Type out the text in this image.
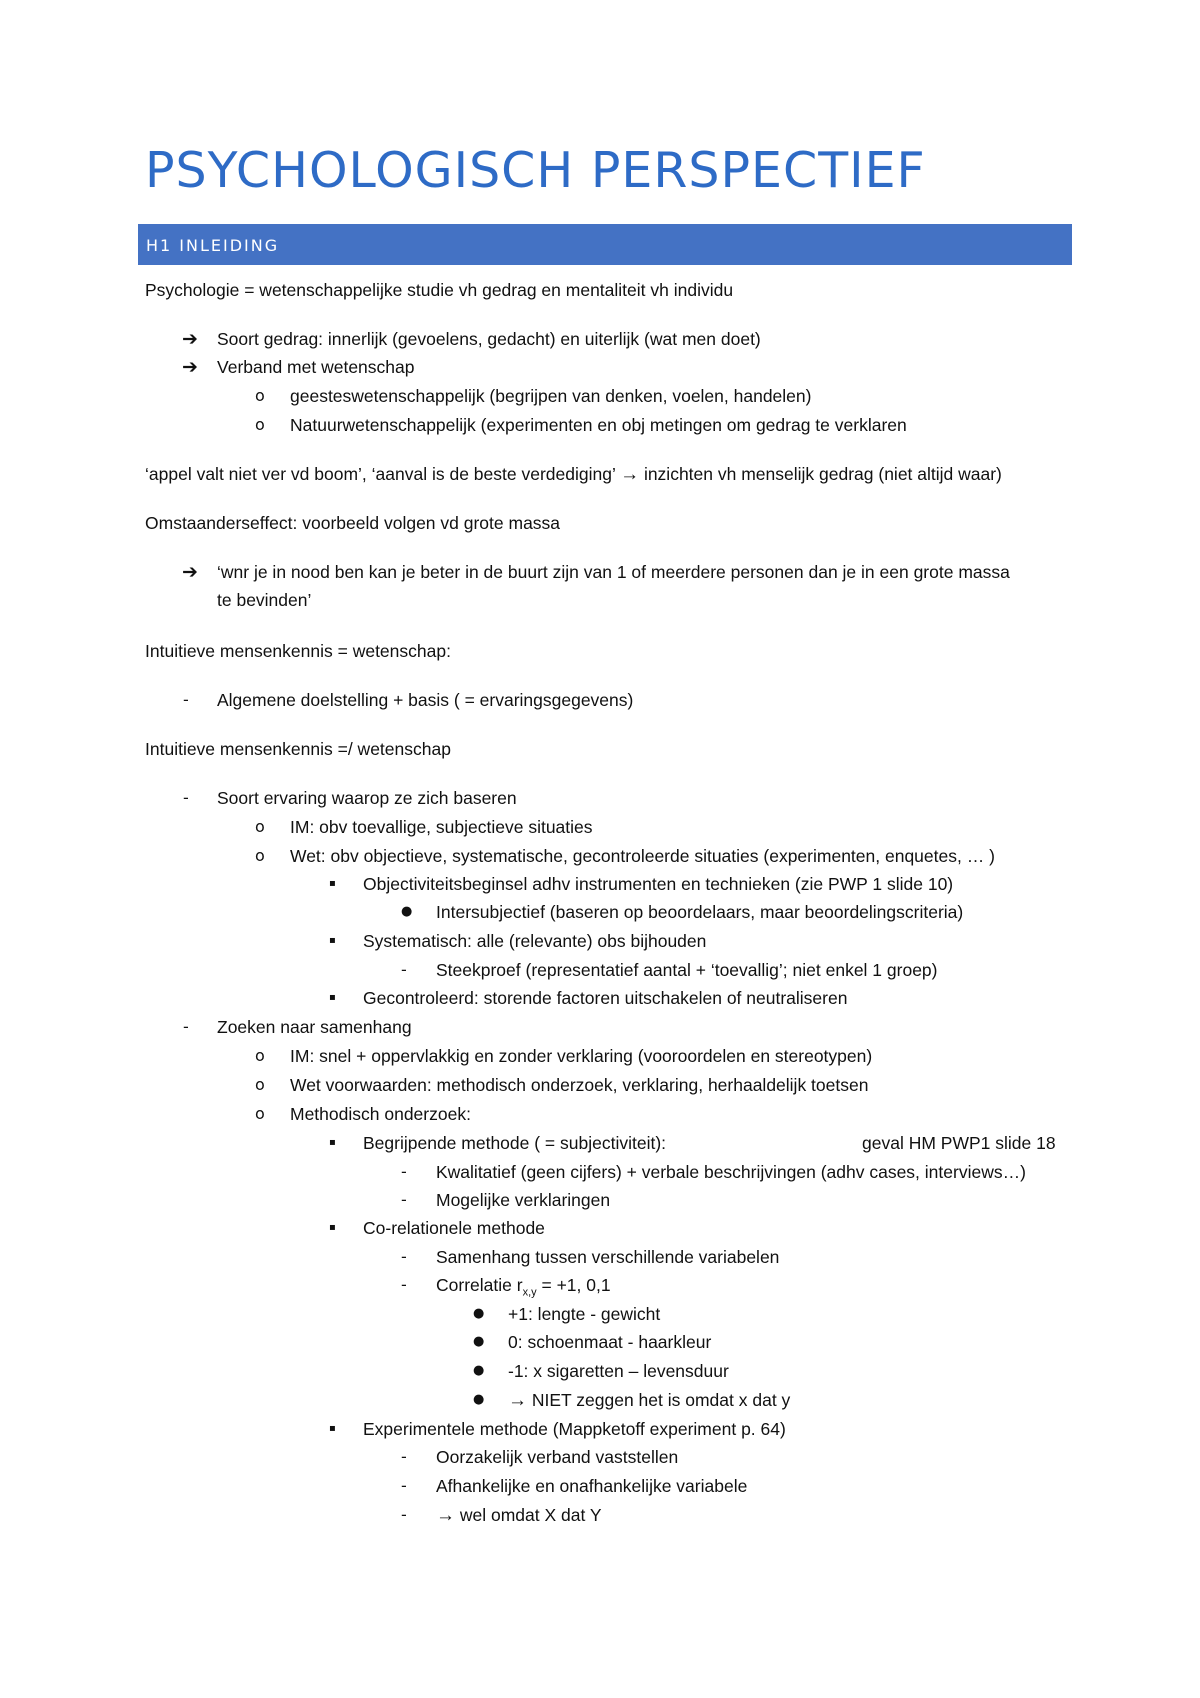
PSYCHOLOGISCH PERSPECTIEF
H1 INLEIDING
Psychologie = wetenschappelijke studie vh gedrag en mentaliteit vh individu
➔ Soort gedrag: innerlijk (gevoelens, gedacht) en uiterlijk (wat men doet)
➔ Verband met wetenschap
o geesteswetenschappelijk (begrijpen van denken, voelen, handelen)
o Natuurwetenschappelijk (experimenten en obj metingen om gedrag te verklaren
‘appel valt niet ver vd boom’, ‘aanval is de beste verdediging’ → inzichten vh menselijk gedrag (niet altijd waar)
Omstaanderseffect: voorbeeld volgen vd grote massa
➔ ‘wnr je in nood ben kan je beter in de buurt zijn van 1 of meerdere personen dan je in een grote massa
te bevinden’
Intuitieve mensenkennis = wetenschap:
- Algemene doelstelling + basis ( = ervaringsgegevens)
Intuitieve mensenkennis =/ wetenschap
- Soort ervaring waarop ze zich baseren
o IM: obv toevallige, subjectieve situaties
o Wet: obv objectieve, systematische, gecontroleerde situaties (experimenten, enquetes, … )
▪ Objectiviteitsbeginsel adhv instrumenten en technieken (zie PWP 1 slide 10)
● Intersubjectief (baseren op beoordelaars, maar beoordelingscriteria)
▪ Systematisch: alle (relevante) obs bijhouden
- Steekproef (representatief aantal + ‘toevallig’; niet enkel 1 groep)
▪ Gecontroleerd: storende factoren uitschakelen of neutraliseren
- Zoeken naar samenhang
o IM: snel + oppervlakkig en zonder verklaring (vooroordelen en stereotypen)
o Wet voorwaarden: methodisch onderzoek, verklaring, herhaaldelijk toetsen
o Methodisch onderzoek:
▪ Begrijpende methode ( = subjectiviteit):	geval HM PWP1 slide 18
- Kwalitatief (geen cijfers) + verbale beschrijvingen (adhv cases, interviews…)
- Mogelijke verklaringen
▪ Co-relationele methode
- Samenhang tussen verschillende variabelen
- Correlatie $r_{x,y} = +1$, 0,1
● +1: lengte - gewicht
● 0: schoenmaat - haarkleur
● -1: x sigaretten – levensduur
● → NIET zeggen het is omdat x dat y
▪ Experimentele methode (Mappketoff experiment p. 64)
- Oorzakelijk verband vaststellen
- Afhankelijke en onafhankelijke variabele
- → wel omdat X dat Y
